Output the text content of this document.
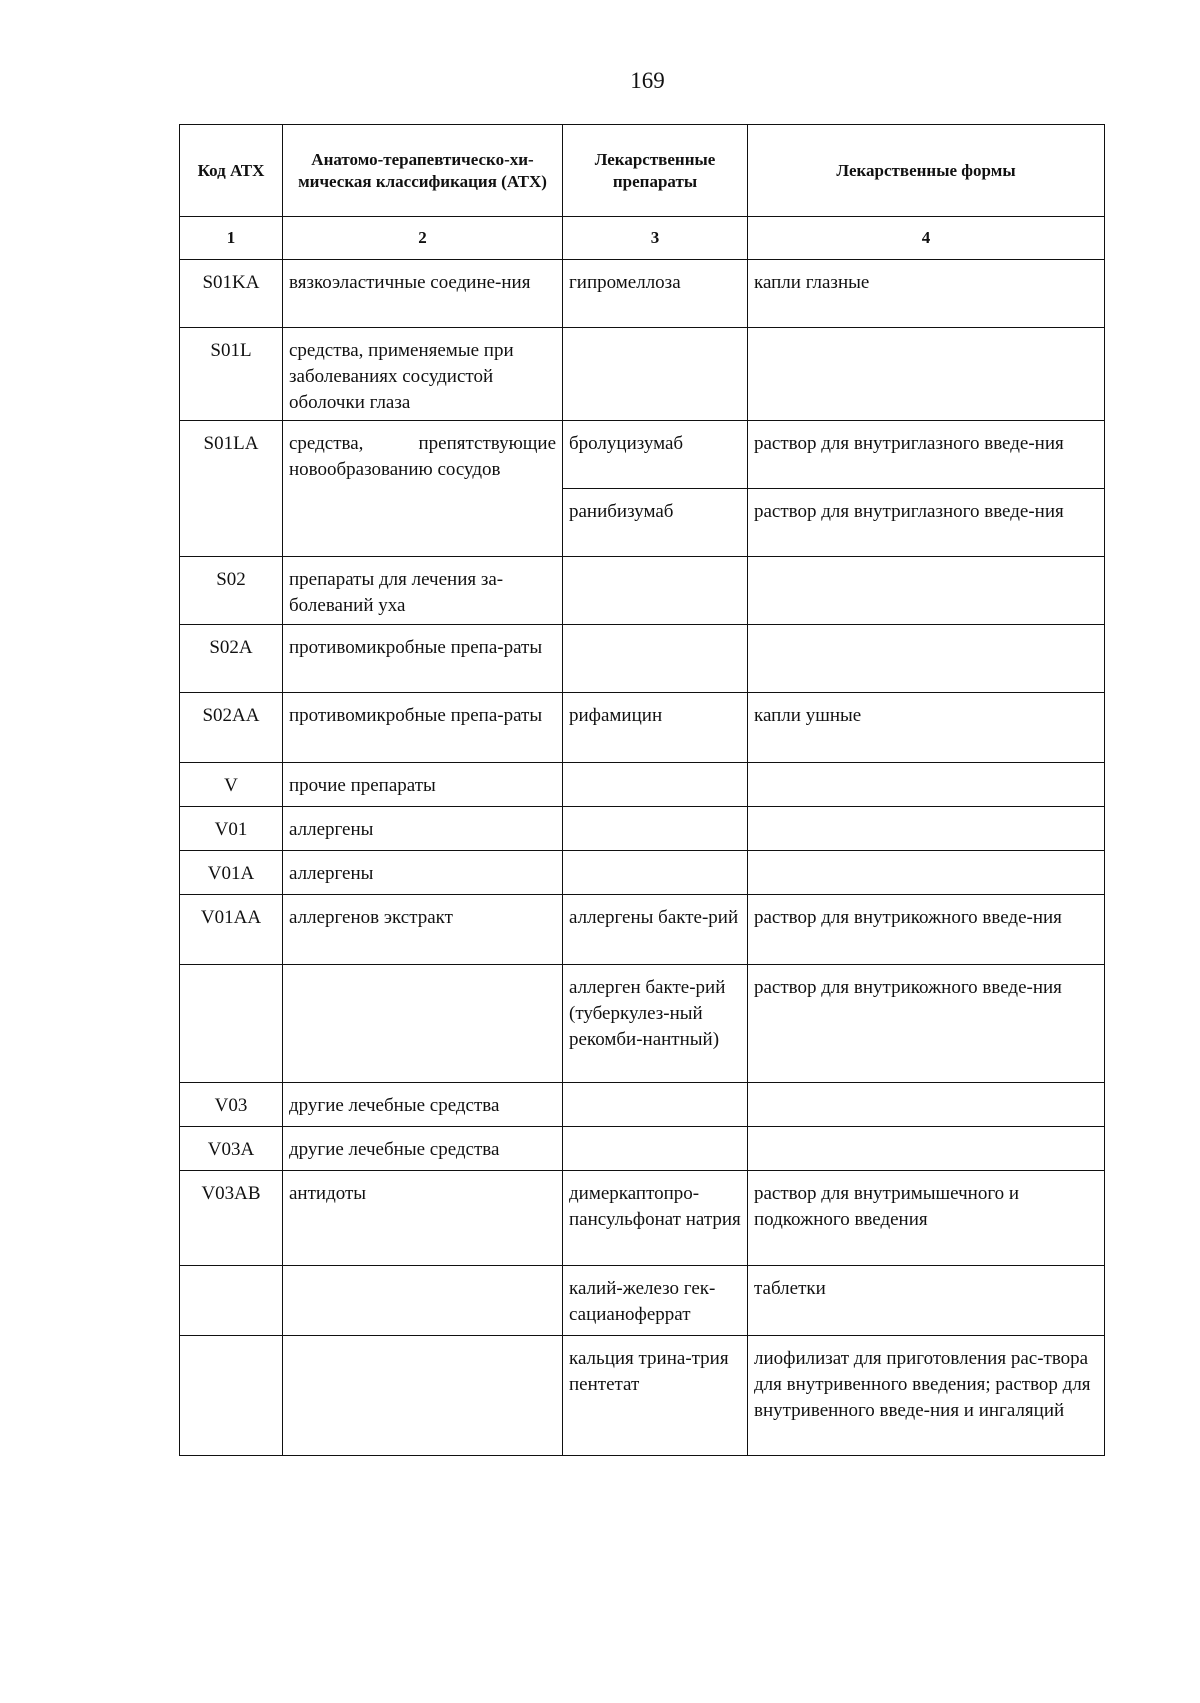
169
Код АТХ	Анатомо-терапевтическо-хи-мическая классификация (АТХ)	Лекарственные препараты	Лекарственные формы
1	2	3	4
S01KA	вязкоэластичные соедине-ния	гипромеллоза	капли глазные
S01L	средства, применяемые при заболеваниях сосудистой оболочки глаза		
S01LA	средства, препятствующие новообразованию сосудов	бролуцизумаб	раствор для внутриглазного введе-ния
		ранибизумаб	раствор для внутриглазного введе-ния
S02	препараты для лечения за-болеваний уха		
S02A	противомикробные препа-раты		
S02AA	противомикробные препа-раты	рифамицин	капли ушные
V	прочие препараты		
V01	аллергены		
V01A	аллергены		
V01AA	аллергенов экстракт	аллергены бакте-рий	раствор для внутрикожного введе-ния
		аллерген бакте-рий (туберкулез-ный рекомби-нантный)	раствор для внутрикожного введе-ния
V03	другие лечебные средства		
V03A	другие лечебные средства		
V03AB	антидоты	димеркаптопро-пансульфонат натрия	раствор для внутримышечного и подкожного введения
		калий-железо гек-сацианоферрат	таблетки
		кальция трина-трия пентетат	лиофилизат для приготовления рас-твора для внутривенного введения; раствор для внутривенного введе-ния и ингаляций
